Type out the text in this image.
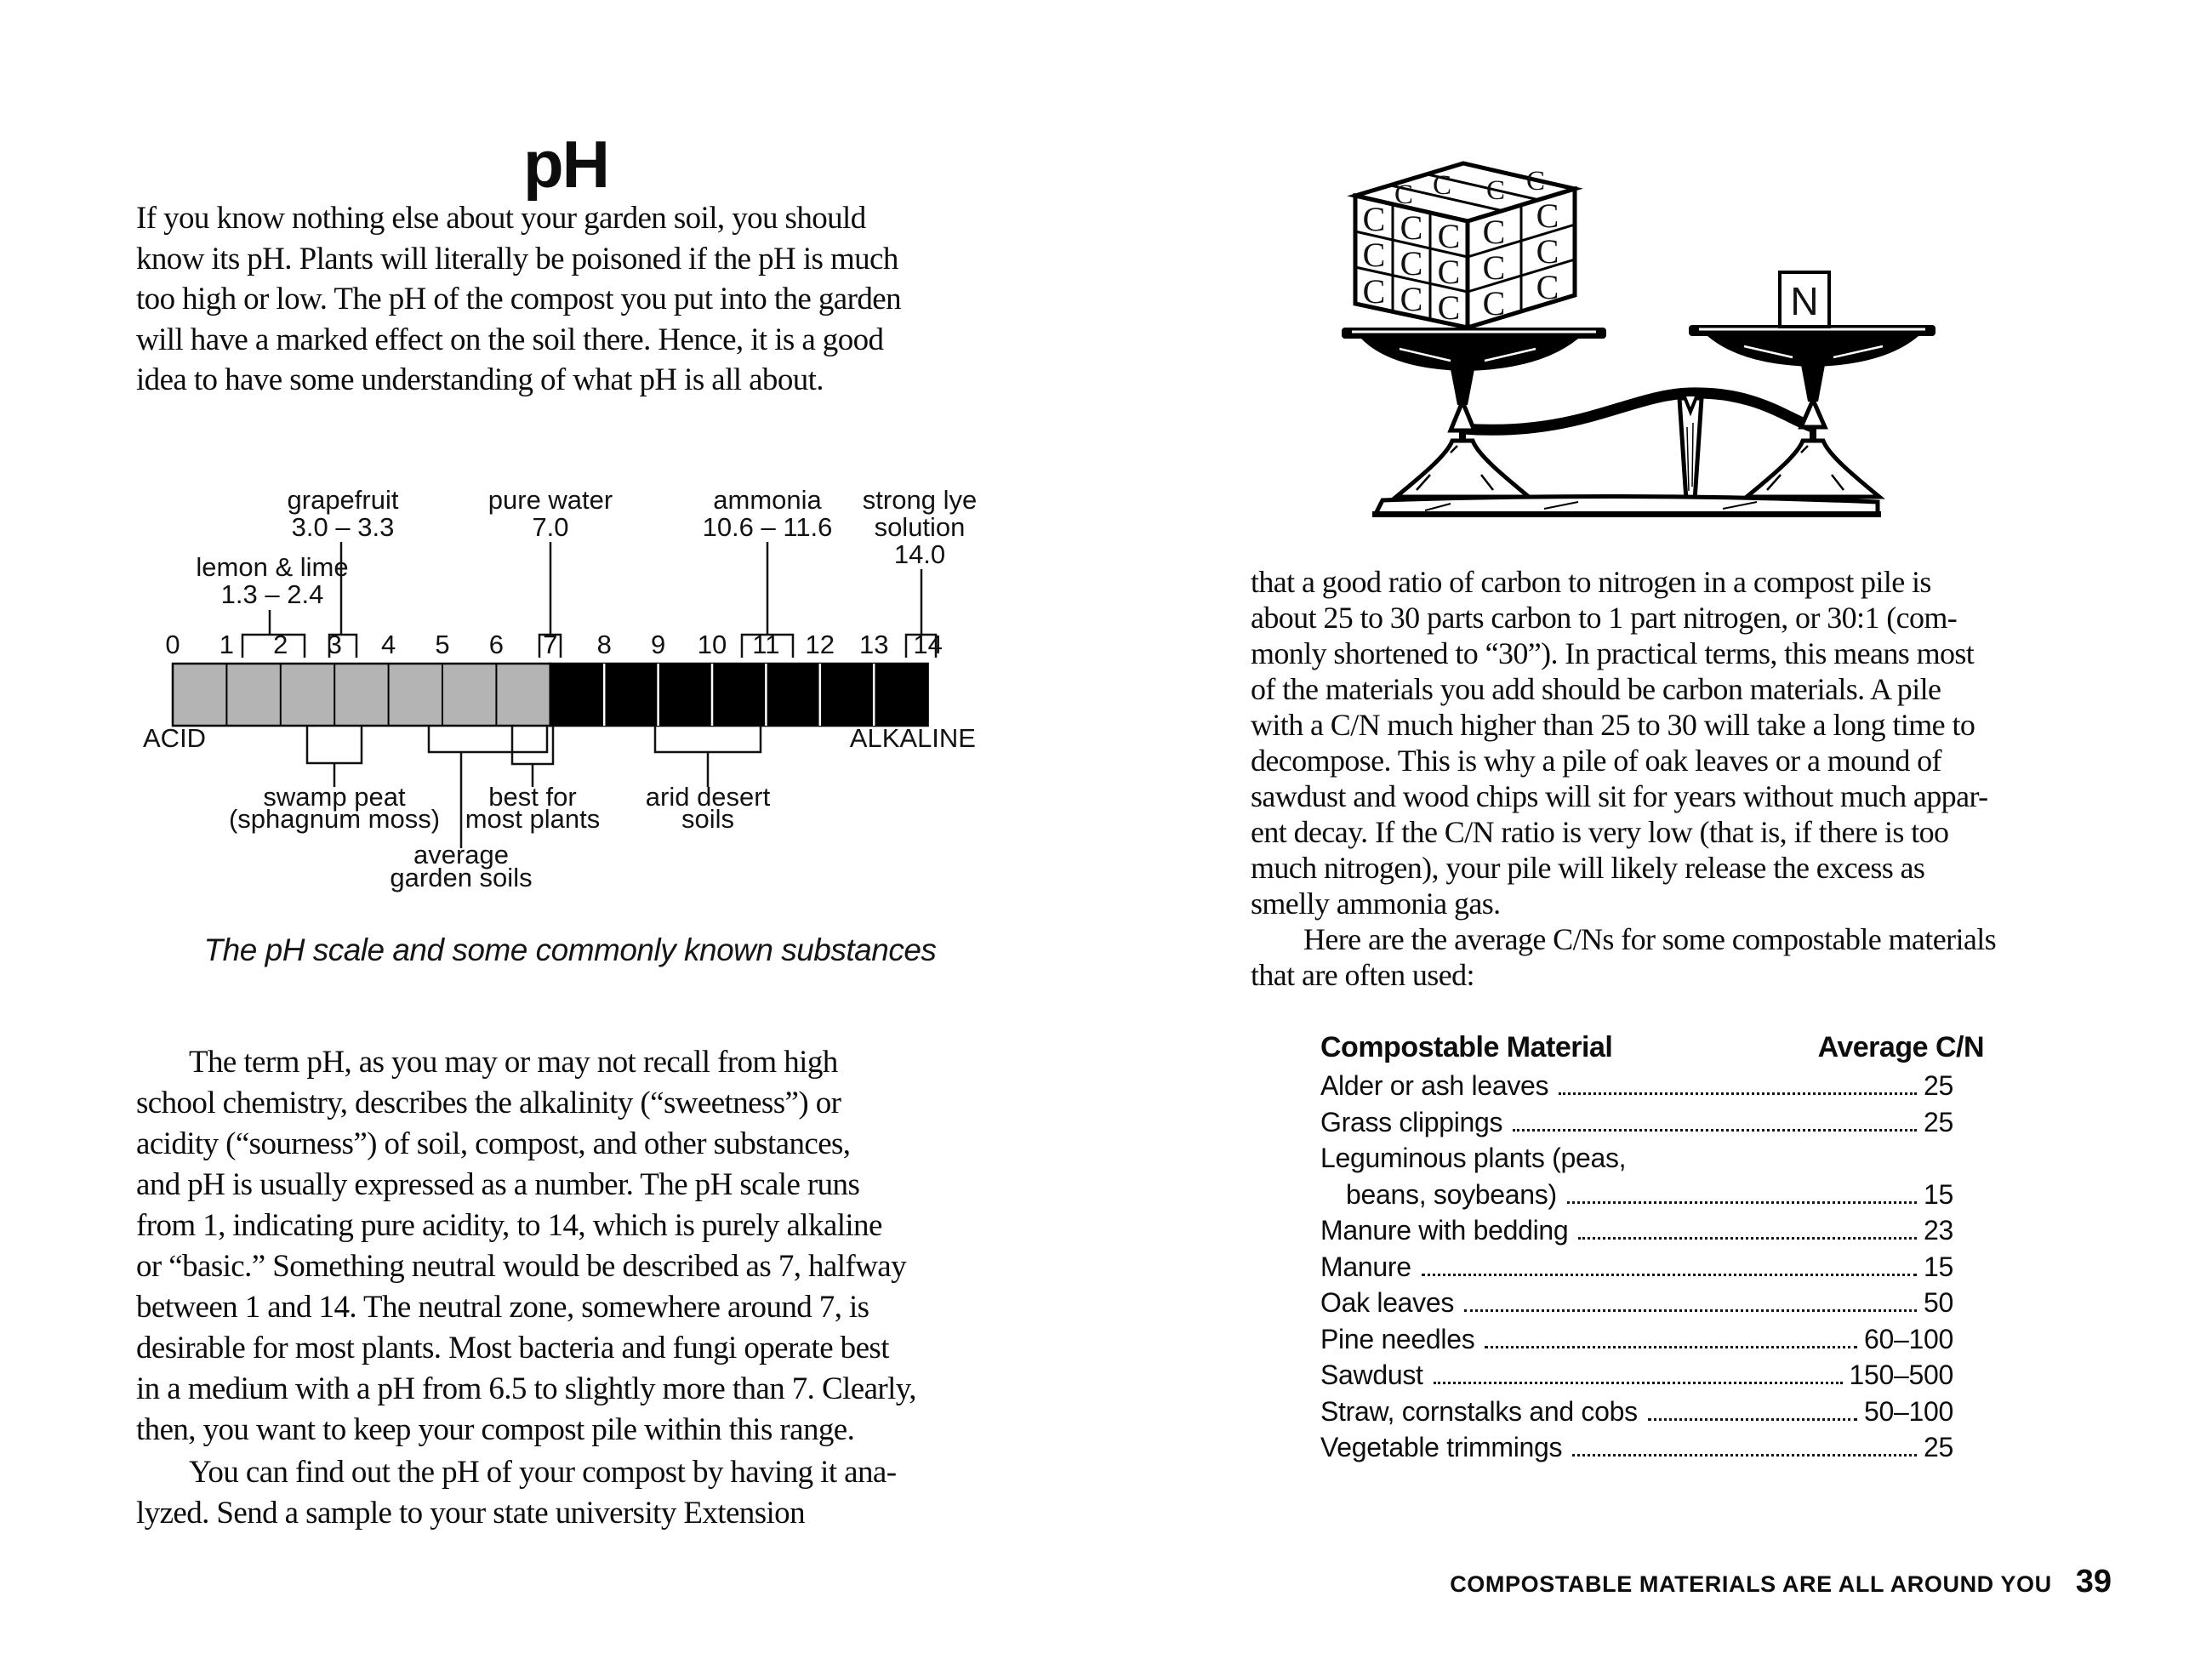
pH
If you know nothing else about your garden soil, you should
know its pH. Plants will literally be poisoned if the pH is much
too high or low. The pH of the compost you put into the garden
will have a marked effect on the soil there. Hence, it is a good
idea to have some understanding of what pH is all about.
grapefruit
3.0 – 3.3
pure water
7.0
ammonia
10.6 – 11.6
strong lye
solution
14.0
lemon & lime
1.3 – 2.4
0 1 2 3 4 5 6 7 8 9 10 11 12 13 14
ACID	ALKALINE
swamp peat
(sphagnum moss)
best for
most plants
arid desert
soils
average
garden soils
The pH scale and some commonly known substances
The term pH, as you may or may not recall from high
school chemistry, describes the alkalinity (“sweetness”) or
acidity (“sourness”) of soil, compost, and other substances,
and pH is usually expressed as a number. The pH scale runs
from 1, indicating pure acidity, to 14, which is purely alkaline
or “basic.” Something neutral would be described as 7, halfway
between 1 and 14. The neutral zone, somewhere around 7, is
desirable for most plants. Most bacteria and fungi operate best
in a medium with a pH from 6.5 to slightly more than 7. Clearly,
then, you want to keep your compost pile within this range.
You can find out the pH of your compost by having it ana-
lyzed. Send a sample to your state university Extension
N
C C C
C C C
C C C
C C
C C
C C
C C C C
that a good ratio of carbon to nitrogen in a compost pile is
about 25 to 30 parts carbon to 1 part nitrogen, or 30:1 (com-
monly shortened to “30”). In practical terms, this means most
of the materials you add should be carbon materials. A pile
with a C/N much higher than 25 to 30 will take a long time to
decompose. This is why a pile of oak leaves or a mound of
sawdust and wood chips will sit for years without much appar-
ent decay. If the C/N ratio is very low (that is, if there is too
much nitrogen), your pile will likely release the excess as
smelly ammonia gas.
Here are the average C/Ns for some compostable materials
that are often used:
Compostable Material	Average C/N
Alder or ash leaves	25
Grass clippings	25
Leguminous plants (peas,
beans, soybeans)	15
Manure with bedding	23
Manure	15
Oak leaves	50
Pine needles	60–100
Sawdust	150–500
Straw, cornstalks and cobs	50–100
Vegetable trimmings	25
COMPOSTABLE MATERIALS ARE ALL AROUND YOU 39
